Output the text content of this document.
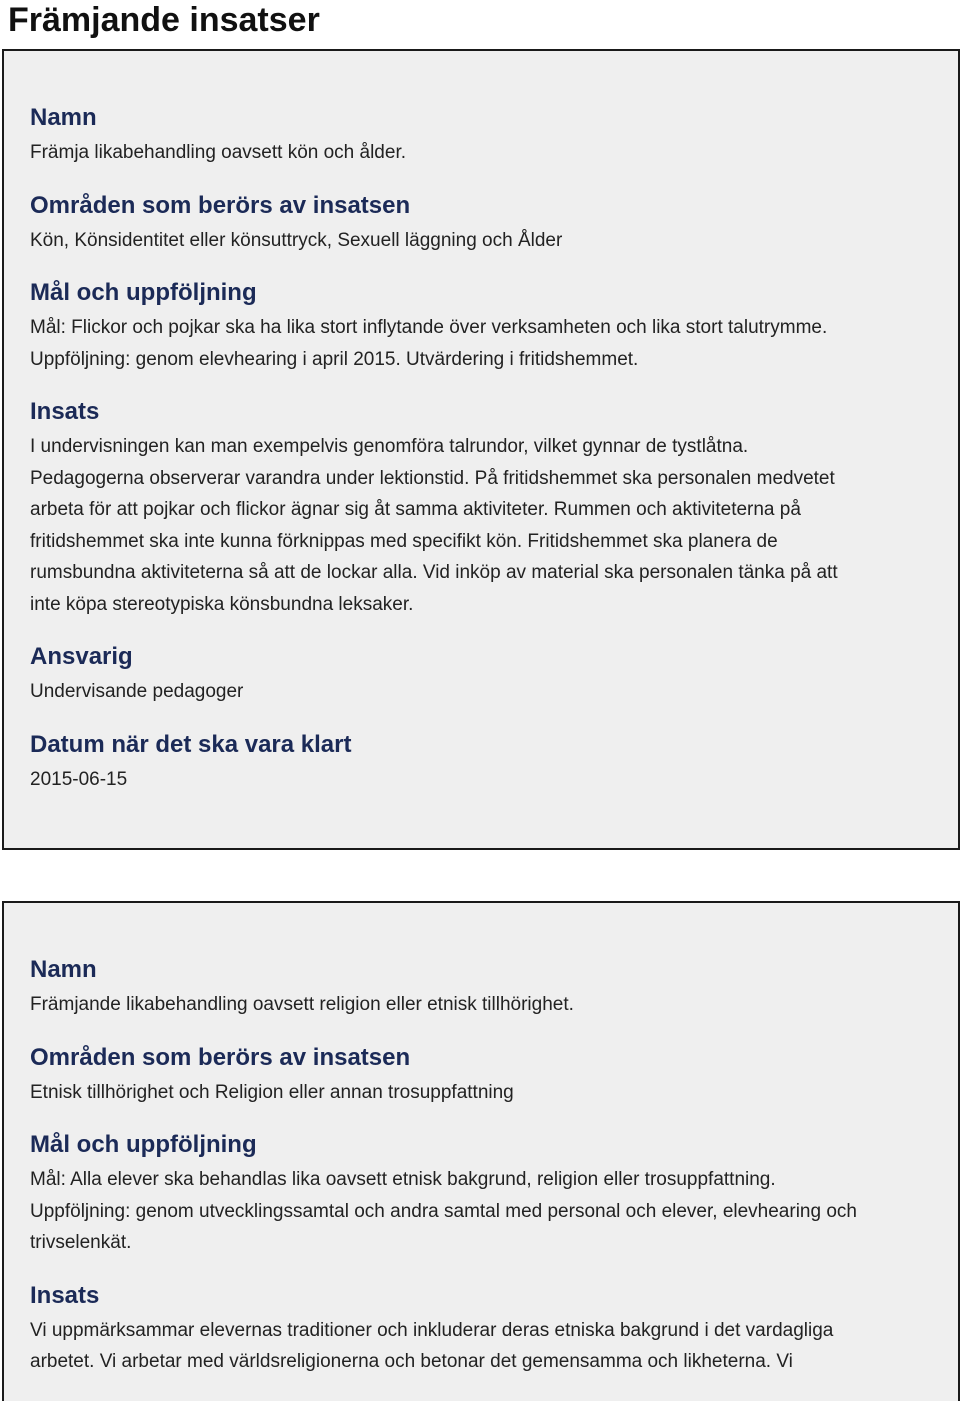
Främjande insatser
Namn
Främja likabehandling oavsett kön och ålder.
Områden som berörs av insatsen
Kön, Könsidentitet eller könsuttryck, Sexuell läggning och Ålder
Mål och uppföljning

Mål: Flickor och pojkar ska ha lika stort inflytande över verksamheten och lika stort talutrymme.

Uppföljning: genom elevhearing i april 2015. Utvärdering i fritidshemmet.

Insats

I undervisningen kan man exempelvis genomföra talrundor, vilket gynnar de tystlåtna.

Pedagogerna observerar varandra under lektionstid. På fritidshemmet ska personalen medvetet

arbeta för att pojkar och flickor ägnar sig åt samma aktiviteter. Rummen och aktiviteterna på

fritidshemmet ska inte kunna förknippas med specifikt kön. Fritidshemmet ska planera de

rumsbundna aktiviteterna så att de lockar alla. Vid inköp av material ska personalen tänka på att

inte köpa stereotypiska könsbundna leksaker.

Ansvarig
Undervisande pedagoger
Datum när det ska vara klart
2015-06-15
Namn
Främjande likabehandling oavsett religion eller etnisk tillhörighet.
Områden som berörs av insatsen
Etnisk tillhörighet och Religion eller annan trosuppfattning
Mål och uppföljning

Mål: Alla elever ska behandlas lika oavsett etnisk bakgrund, religion eller trosuppfattning.

Uppföljning: genom utvecklingssamtal och andra samtal med personal och elever, elevhearing och

trivselenkät.

Insats

Vi uppmärksammar elevernas traditioner och inkluderar deras etniska bakgrund i det vardagliga

arbetet. Vi arbetar med världsreligionerna och betonar det gemensamma och likheterna. Vi
